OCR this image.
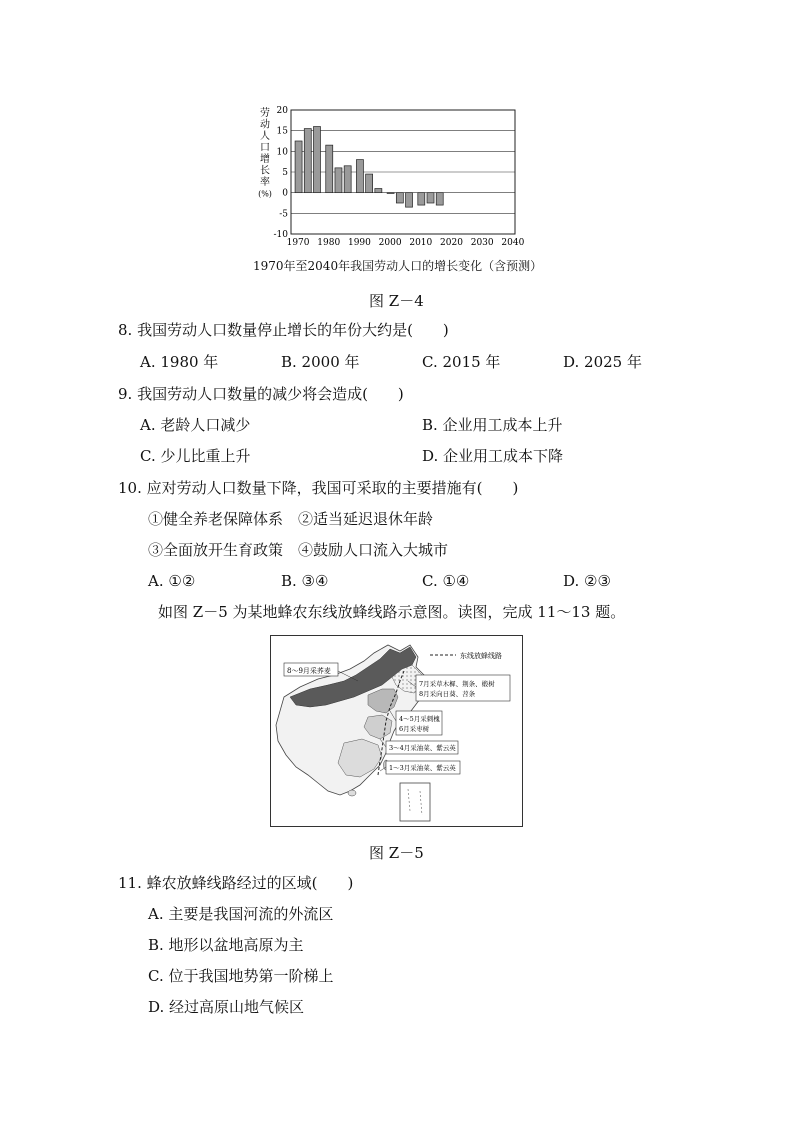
劳
动
人
口
增
长
率
(%)
20
15
10
5
0
-5
-10
1970 1980 1990 2000 2010 2020 2030 2040
1970年至2040年我国劳动人口的增长变化（含预测）
图 Z－4
8. 我国劳动人口数量停止增长的年份大约是(　　)
A. 1980 年	B. 2000 年	C. 2015 年	D. 2025 年
9. 我国劳动人口数量的减少将会造成(　　)
A. 老龄人口减少	B. 企业用工成本上升
C. 少儿比重上升	D. 企业用工成本下降
10. 应对劳动人口数量下降，我国可采取的主要措施有(　　)
①健全养老保障体系　②适当延迟退休年龄
③全面放开生育政策　④鼓励人口流入大城市
A. ①②	B. ③④	C. ①④	D. ②③
如图 Z－5 为某地蜂农东线放蜂线路示意图。读图，完成 11～13 题。
东线放蜂线路
8～9月采荞麦
7月采草木樨、荆条、椴树
8月采向日葵、苕条
4～5月采刺槐
6月采枣树
3～4月采油菜、紫云英
1～3月采油菜、紫云英
图 Z－5
11. 蜂农放蜂线路经过的区域(　　)
A. 主要是我国河流的外流区
B. 地形以盆地高原为主
C. 位于我国地势第一阶梯上
D. 经过高原山地气候区
